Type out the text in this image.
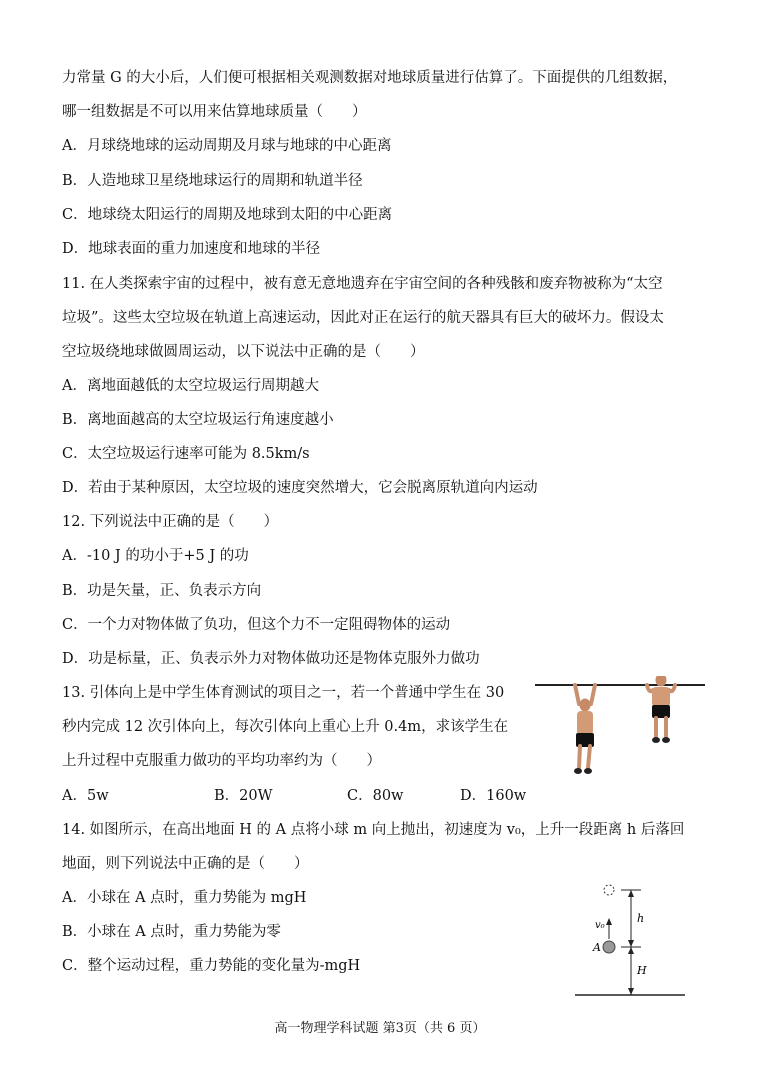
力常量 G 的大小后，人们便可根据相关观测数据对地球质量进行估算了。下面提供的几组数据，
哪一组数据是不可以用来估算地球质量（　　）
A．月球绕地球的运动周期及月球与地球的中心距离
B．人造地球卫星绕地球运行的周期和轨道半径
C．地球绕太阳运行的周期及地球到太阳的中心距离
D．地球表面的重力加速度和地球的半径
11. 在人类探索宇宙的过程中，被有意无意地遗弃在宇宙空间的各种残骸和废弃物被称为“太空
垃圾”。这些太空垃圾在轨道上高速运动，因此对正在运行的航天器具有巨大的破坏力。假设太
空垃圾绕地球做圆周运动，以下说法中正确的是（　　）
A．离地面越低的太空垃圾运行周期越大
B．离地面越高的太空垃圾运行角速度越小
C．太空垃圾运行速率可能为 8.5km/s
D．若由于某种原因，太空垃圾的速度突然增大，它会脱离原轨道向内运动
12. 下列说法中正确的是（　　）
A．-10 J 的功小于+5 J 的功
B．功是矢量，正、负表示方向
C．一个力对物体做了负功，但这个力不一定阻碍物体的运动
D．功是标量，正、负表示外力对物体做功还是物体克服外力做功
13. 引体向上是中学生体育测试的项目之一，若一个普通中学生在 30
秒内完成 12 次引体向上，每次引体向上重心上升 0.4m，求该学生在
上升过程中克服重力做功的平均功率约为（　　）
A．5w	B．20W	C．80w	D．160w
14. 如图所示，在高出地面 H 的 A 点将小球 m 向上抛出，初速度为 v₀，上升一段距离 h 后落回
地面，则下列说法中正确的是（　　）
A．小球在 A 点时，重力势能为 mgH
B．小球在 A 点时，重力势能为零
C．整个运动过程，重力势能的变化量为-mgH
v₀
A
h
H
高一物理学科试题 第3页（共 6 页）
